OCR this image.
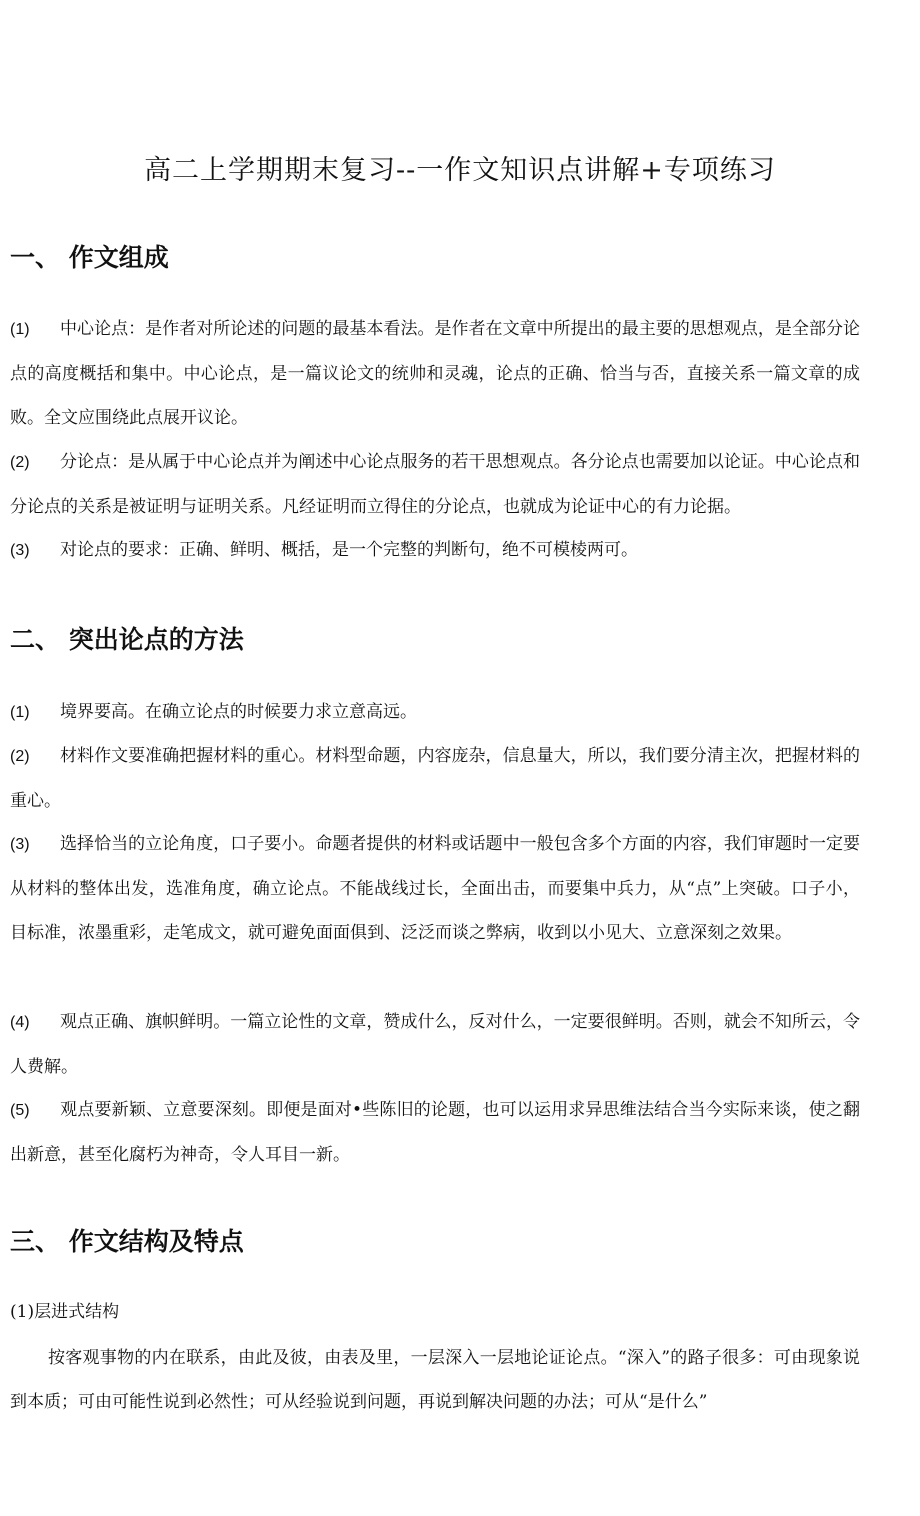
高二上学期期末复习--一作文知识点讲解+专项练习
一、 作文组成
(1) 中心论点：是作者对所论述的问题的最基本看法。是作者在文章中所提出的最主要的思想观点，是全部分论点的高度概括和集中。中心论点，是一篇议论文的统帅和灵魂，论点的正确、恰当与否，直接关系一篇文章的成败。全文应围绕此点展开议论。
(2) 分论点：是从属于中心论点并为阐述中心论点服务的若干思想观点。各分论点也需要加以论证。中心论点和分论点的关系是被证明与证明关系。凡经证明而立得住的分论点，也就成为论证中心的有力论据。
(3) 对论点的要求：正确、鲜明、概括，是一个完整的判断句，绝不可模棱两可。
二、 突出论点的方法
(1) 境界要高。在确立论点的时候要力求立意高远。
(2) 材料作文要准确把握材料的重心。材料型命题，内容庞杂，信息量大，所以，我们要分清主次，把握材料的重心。
(3) 选择恰当的立论角度，口子要小。命题者提供的材料或话题中一般包含多个方面的内容，我们审题时一定要从材料的整体出发，选准角度，确立论点。不能战线过长，全面出击，而要集中兵力，从“点”上突破。口子小，目标准，浓墨重彩，走笔成文，就可避免面面俱到、泛泛而谈之弊病，收到以小见大、立意深刻之效果。
(4) 观点正确、旗帜鲜明。一篇立论性的文章，赞成什么，反对什么，一定要很鲜明。否则，就会不知所云，令人费解。
(5) 观点要新颖、立意要深刻。即便是面对•些陈旧的论题，也可以运用求异思维法结合当今实际来谈，使之翻出新意，甚至化腐朽为神奇，令人耳目一新。
三、 作文结构及特点
(1)层进式结构
按客观事物的内在联系，由此及彼，由表及里，一层深入一层地论证论点。“深入”的路子很多：可由现象说到本质；可由可能性说到必然性；可从经验说到问题，再说到解决问题的办法；可从“是什么”
